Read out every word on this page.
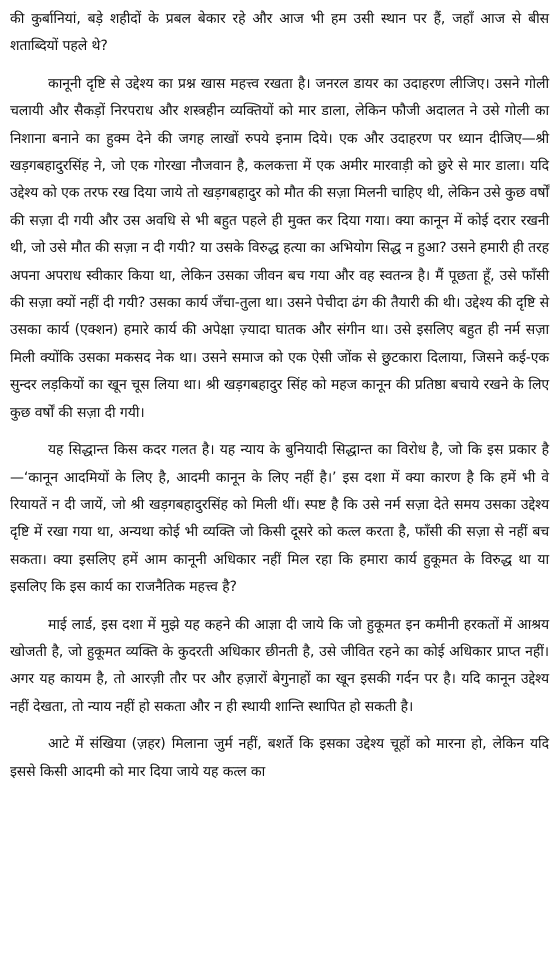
की कुर्बानियां, बड़े शहीदों के प्रबल बेकार रहे और आज भी हम उसी स्थान पर हैं, जहाँ आज से बीस शताब्दियों पहले थे?

कानूनी दृष्टि से उद्देश्य का प्रश्न खास महत्त्व रखता है। जनरल डायर का उदाहरण लीजिए। उसने गोली चलायी और सैकड़ों निरपराध और शस्त्रहीन व्यक्तियों को मार डाला, लेकिन फौजी अदालत ने उसे गोली का निशाना बनाने का हुक्म देने की जगह लाखों रुपये इनाम दिये। एक और उदाहरण पर ध्यान दीजिए—श्री खड़गबहादुरसिंह ने, जो एक गोरखा नौजवान है, कलकत्ता में एक अमीर मारवाड़ी को छुरे से मार डाला। यदि उद्देश्य को एक तरफ रख दिया जाये तो खड़गबहादुर को मौत की सज़ा मिलनी चाहिए थी, लेकिन उसे कुछ वर्षों की सज़ा दी गयी और उस अवधि से भी बहुत पहले ही मुक्त कर दिया गया। क्या कानून में कोई दरार रखनी थी, जो उसे मौत की सज़ा न दी गयी? या उसके विरुद्ध हत्या का अभियोग सिद्ध न हुआ? उसने हमारी ही तरह अपना अपराध स्वीकार किया था, लेकिन उसका जीवन बच गया और वह स्वतन्त्र है। मैं पूछता हूँ, उसे फाँसी की सज़ा क्यों नहीं दी गयी? उसका कार्य जँचा-तुला था। उसने पेचीदा ढंग की तैयारी की थी। उद्देश्य की दृष्टि से उसका कार्य (एक्शन) हमारे कार्य की अपेक्षा ज़्यादा घातक और संगीन था। उसे इसलिए बहुत ही नर्म सज़ा मिली क्योंकि उसका मकसद नेक था। उसने समाज को एक ऐसी जोंक से छुटकारा दिलाया, जिसने कई-एक सुन्दर लड़कियों का खून चूस लिया था। श्री खड़गबहादुर सिंह को महज कानून की प्रतिष्ठा बचाये रखने के लिए कुछ वर्षों की सज़ा दी गयी।

यह सिद्धान्त किस कदर गलत है। यह न्याय के बुनियादी सिद्धान्त का विरोध है, जो कि इस प्रकार है—‘कानून आदमियों के लिए है, आदमी कानून के लिए नहीं है।’ इस दशा में क्या कारण है कि हमें भी वे रियायतें न दी जायें, जो श्री खड़गबहादुरसिंह को मिली थीं। स्पष्ट है कि उसे नर्म सज़ा देते समय उसका उद्देश्य दृष्टि में रखा गया था, अन्यथा कोई भी व्यक्ति जो किसी दूसरे को कत्ल करता है, फाँसी की सज़ा से नहीं बच सकता। क्या इसलिए हमें आम कानूनी अधिकार नहीं मिल रहा कि हमारा कार्य हुकूमत के विरुद्ध था या इसलिए कि इस कार्य का राजनैतिक महत्त्व है?

माई लार्ड, इस दशा में मुझे यह कहने की आज्ञा दी जाये कि जो हुकूमत इन कमीनी हरकतों में आश्रय खोजती है, जो हुकूमत व्यक्ति के कुदरती अधिकार छीनती है, उसे जीवित रहने का कोई अधिकार प्राप्त नहीं। अगर यह कायम है, तो आरज़ी तौर पर और हज़ारों बेगुनाहों का खून इसकी गर्दन पर है। यदि कानून उद्देश्य नहीं देखता, तो न्याय नहीं हो सकता और न ही स्थायी शान्ति स्थापित हो सकती है।

आटे में संखिया (ज़हर) मिलाना जुर्म नहीं, बशर्ते कि इसका उद्देश्य चूहों को मारना हो, लेकिन यदि इससे किसी आदमी को मार दिया जाये यह कत्ल का
